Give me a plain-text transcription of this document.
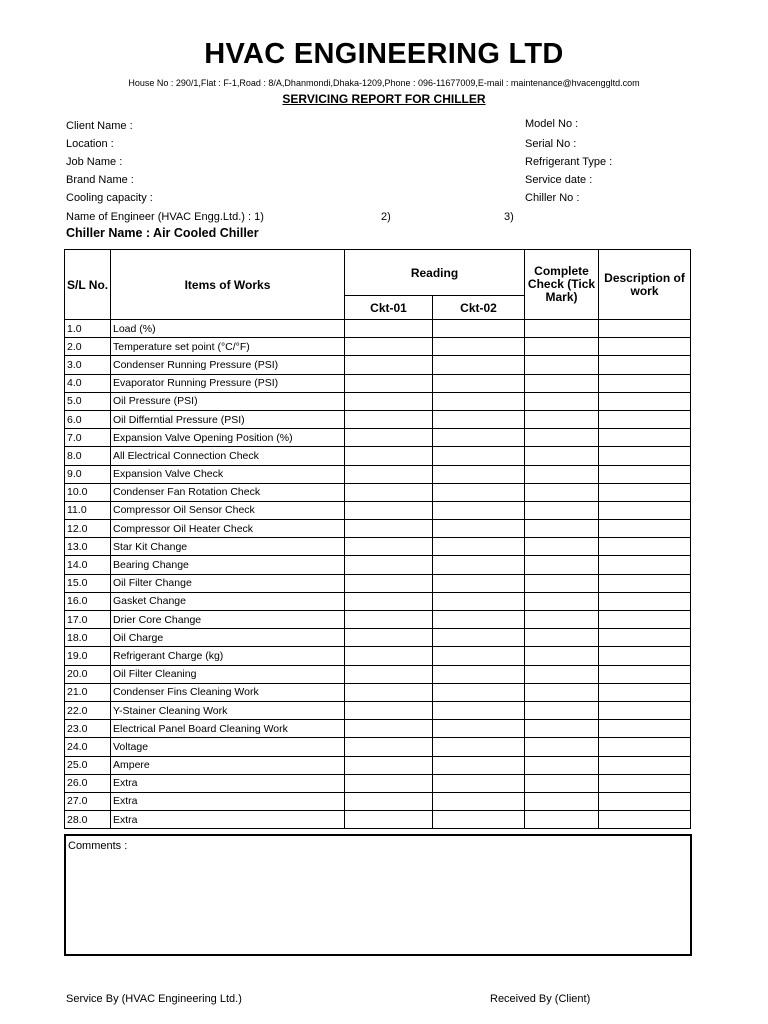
HVAC ENGINEERING LTD
House No : 290/1,Flat : F-1,Road : 8/A,Dhanmondi,Dhaka-1209,Phone : 096-11677009,E-mail : maintenance@hvacenggltd.com
SERVICING REPORT FOR CHILLER
Client Name :
Location :
Job Name :
Brand Name :
Cooling capacity :
Name of Engineer (HVAC Engg.Ltd.) : 1)	2)	3)
Model No :
Serial No :
Refrigerant Type :
Service date :
Chiller No :
Chiller Name : Air Cooled Chiller
S/L No.	Items of Works	Reading		Complete Check (Tick Mark)	Description of work
		Ckt-01	Ckt-02		
1.0	Load (%)				
2.0	Temperature set point (°C/°F)				
3.0	Condenser Running Pressure (PSI)				
4.0	Evaporator Running Pressure (PSI)				
5.0	Oil Pressure (PSI)				
6.0	Oil Differntial Pressure (PSI)				
7.0	Expansion Valve Opening Position (%)				
8.0	All Electrical Connection Check				
9.0	Expansion Valve Check				
10.0	Condenser Fan Rotation Check				
11.0	Compressor Oil Sensor Check				
12.0	Compressor Oil Heater Check				
13.0	Star Kit Change				
14.0	Bearing Change				
15.0	Oil Filter Change				
16.0	Gasket Change				
17.0	Drier Core Change				
18.0	Oil Charge				
19.0	Refrigerant Charge (kg)				
20.0	Oil Filter Cleaning				
21.0	Condenser Fins Cleaning Work				
22.0	Y-Stainer Cleaning Work				
23.0	Electrical Panel Board Cleaning Work				
24.0	Voltage				
25.0	Ampere				
26.0	Extra				
27.0	Extra				
28.0	Extra				
Comments :
Service By (HVAC Engineering Ltd.)	Received By (Client)
